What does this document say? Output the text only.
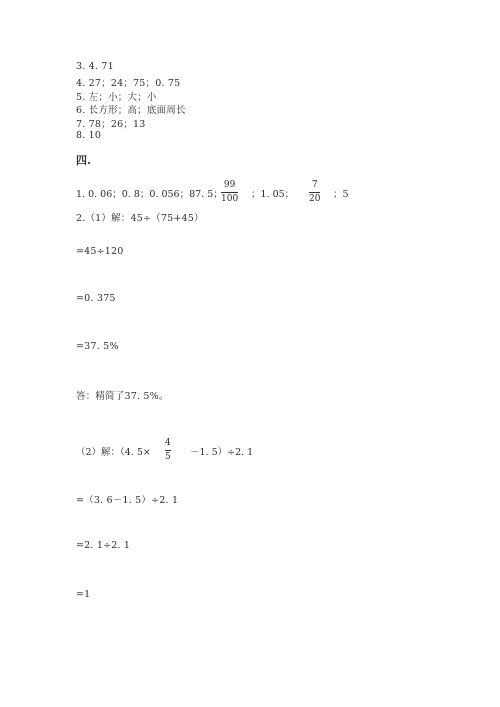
3. 4. 71
4. 27；24；75；0. 75
5. 左；小；大；小
6. 长方形；高；底面周长
7. 78；26；13
8. 10
四.
1. 0. 06；0. 8；0. 056；87. 5；
99
100 ；1. 05；
7
20 ；5
2.（1）解：45÷（75+45）
=45÷120
=0. 375
=37. 5%
答：精简了37. 5%。
（2）解：（4. 5×
4
5 －1. 5）÷2. 1
=（3. 6－1. 5）÷2. 1
=2. 1÷2. 1
=1
